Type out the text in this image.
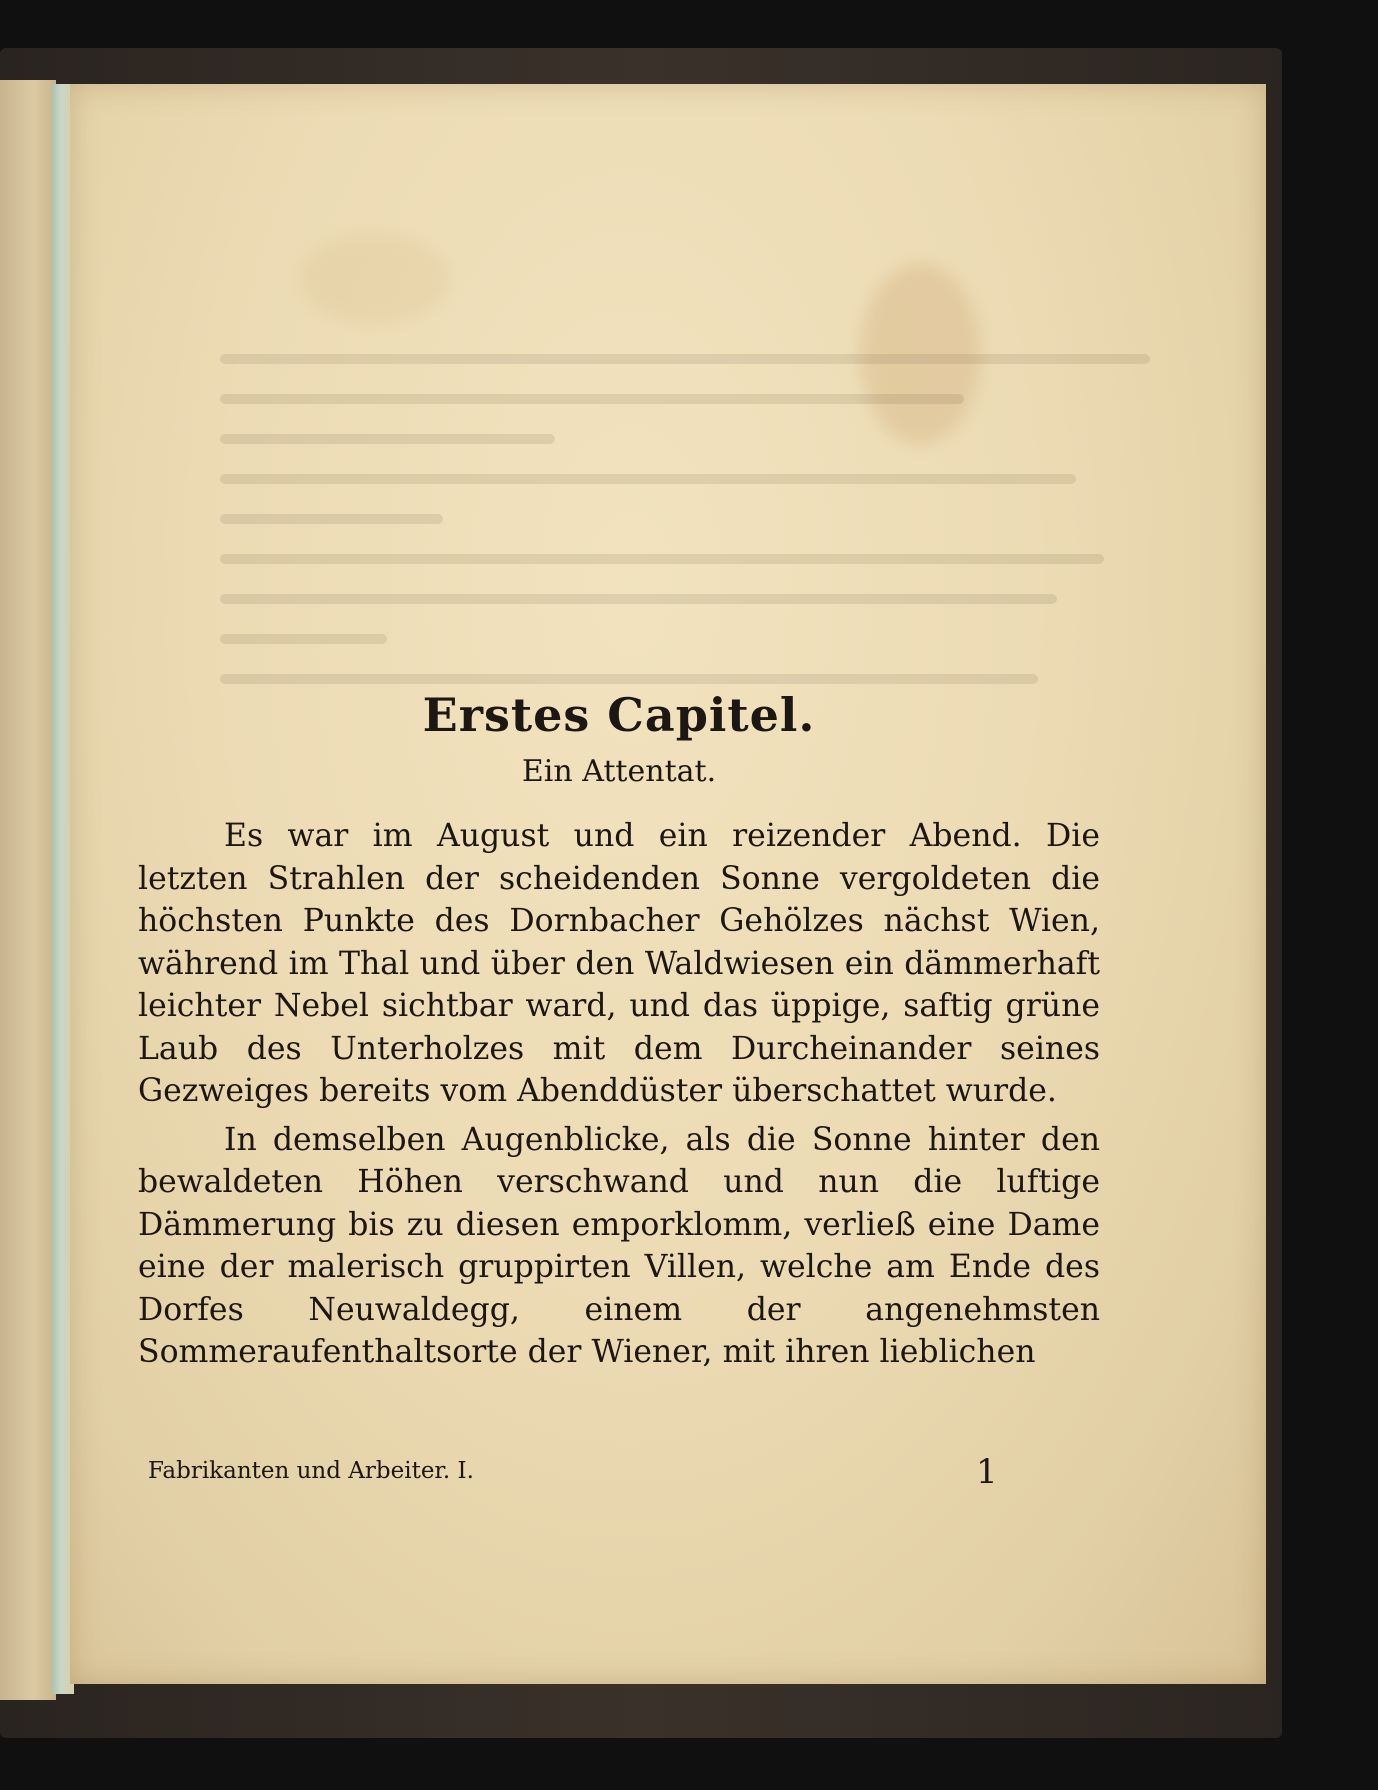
Erstes Capitel.
Ein Attentat.

Es war im August und ein reizender Abend. Die letzten Strahlen der scheidenden Sonne vergoldeten die höchsten Punkte des Dornbacher Gehölzes nächst Wien, während im Thal und über den Waldwiesen ein dämmerhaft leichter Nebel sichtbar ward, und das üppige, saftig grüne Laub des Unterholzes mit dem Durcheinander seines Gezweiges bereits vom Abenddüster überschattet wurde.

In demselben Augenblicke, als die Sonne hinter den bewaldeten Höhen verschwand und nun die luftige Dämmerung bis zu diesen emporklomm, verließ eine Dame eine der malerisch gruppirten Villen, welche am Ende des Dorfes Neuwaldegg, einem der angenehmsten Sommeraufenthaltsorte der Wiener, mit ihren lieblichen

Fabrikanten und Arbeiter. I.	1
